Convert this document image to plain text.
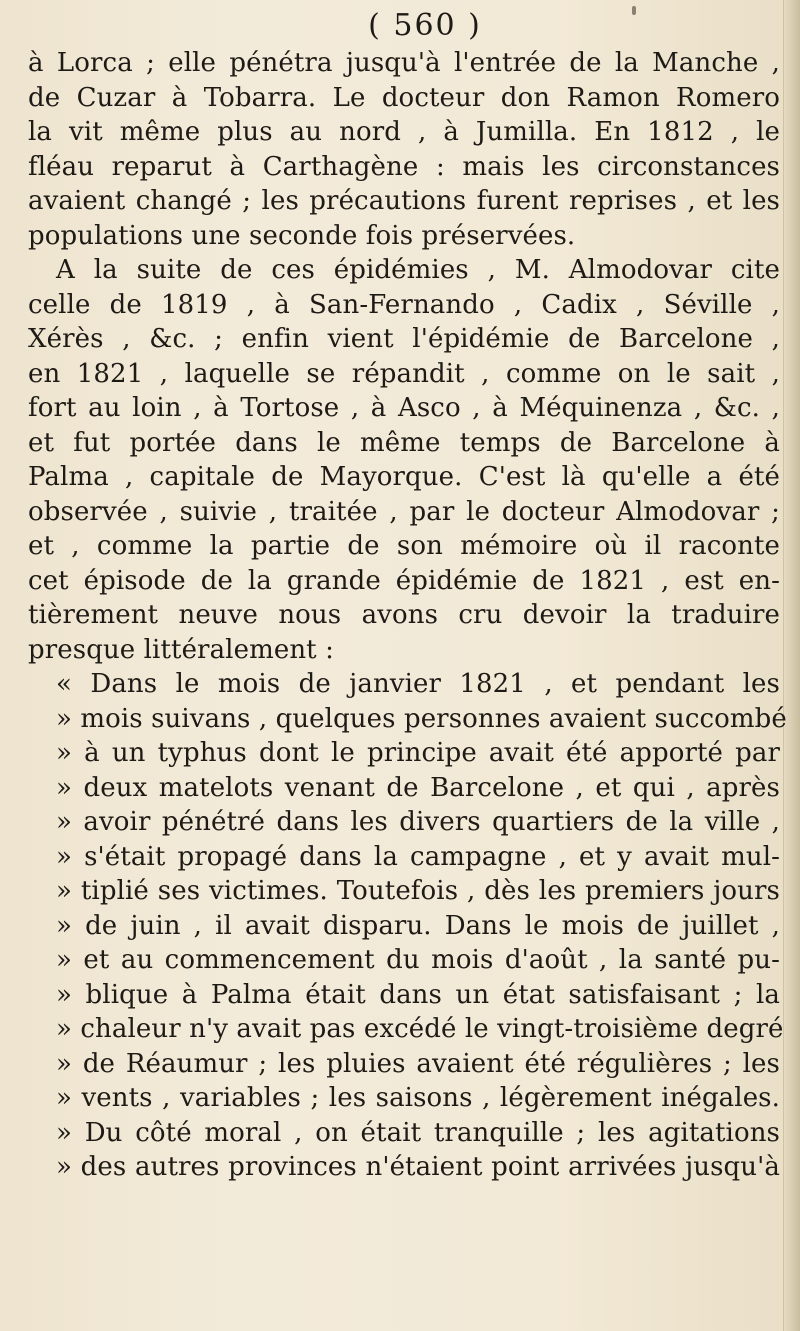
( 560 )
à Lorca ; elle pénétra jusqu'à l'entrée de la Manche ,
de Cuzar à Tobarra. Le docteur don Ramon Romero
la vit même plus au nord , à Jumilla. En 1812 , le
fléau reparut à Carthagène : mais les circonstances
avaient changé ; les précautions furent reprises , et les
populations une seconde fois préservées.
A la suite de ces épidémies , M. Almodovar cite
celle de 1819 , à San-Fernando , Cadix , Séville ,
Xérès , &c. ; enfin vient l'épidémie de Barcelone ,
en 1821 , laquelle se répandit , comme on le sait ,
fort au loin , à Tortose , à Asco , à Méquinenza , &c. ,
et fut portée dans le même temps de Barcelone à
Palma , capitale de Mayorque. C'est là qu'elle a été
observée , suivie , traitée , par le docteur Almodovar ;
et , comme la partie de son mémoire où il raconte
cet épisode de la grande épidémie de 1821 , est en-
tièrement neuve nous avons cru devoir la traduire
presque littéralement :
« Dans le mois de janvier 1821 , et pendant les
» mois suivans , quelques personnes avaient succombé
» à un typhus dont le principe avait été apporté par
» deux matelots venant de Barcelone , et qui , après
» avoir pénétré dans les divers quartiers de la ville ,
» s'était propagé dans la campagne , et y avait mul-
» tiplié ses victimes. Toutefois , dès les premiers jours
» de juin , il avait disparu. Dans le mois de juillet ,
» et au commencement du mois d'août , la santé pu-
» blique à Palma était dans un état satisfaisant ; la
» chaleur n'y avait pas excédé le vingt-troisième degré
» de Réaumur ; les pluies avaient été régulières ; les
» vents , variables ; les saisons , légèrement inégales.
» Du côté moral , on était tranquille ; les agitations
» des autres provinces n'étaient point arrivées jusqu'à
